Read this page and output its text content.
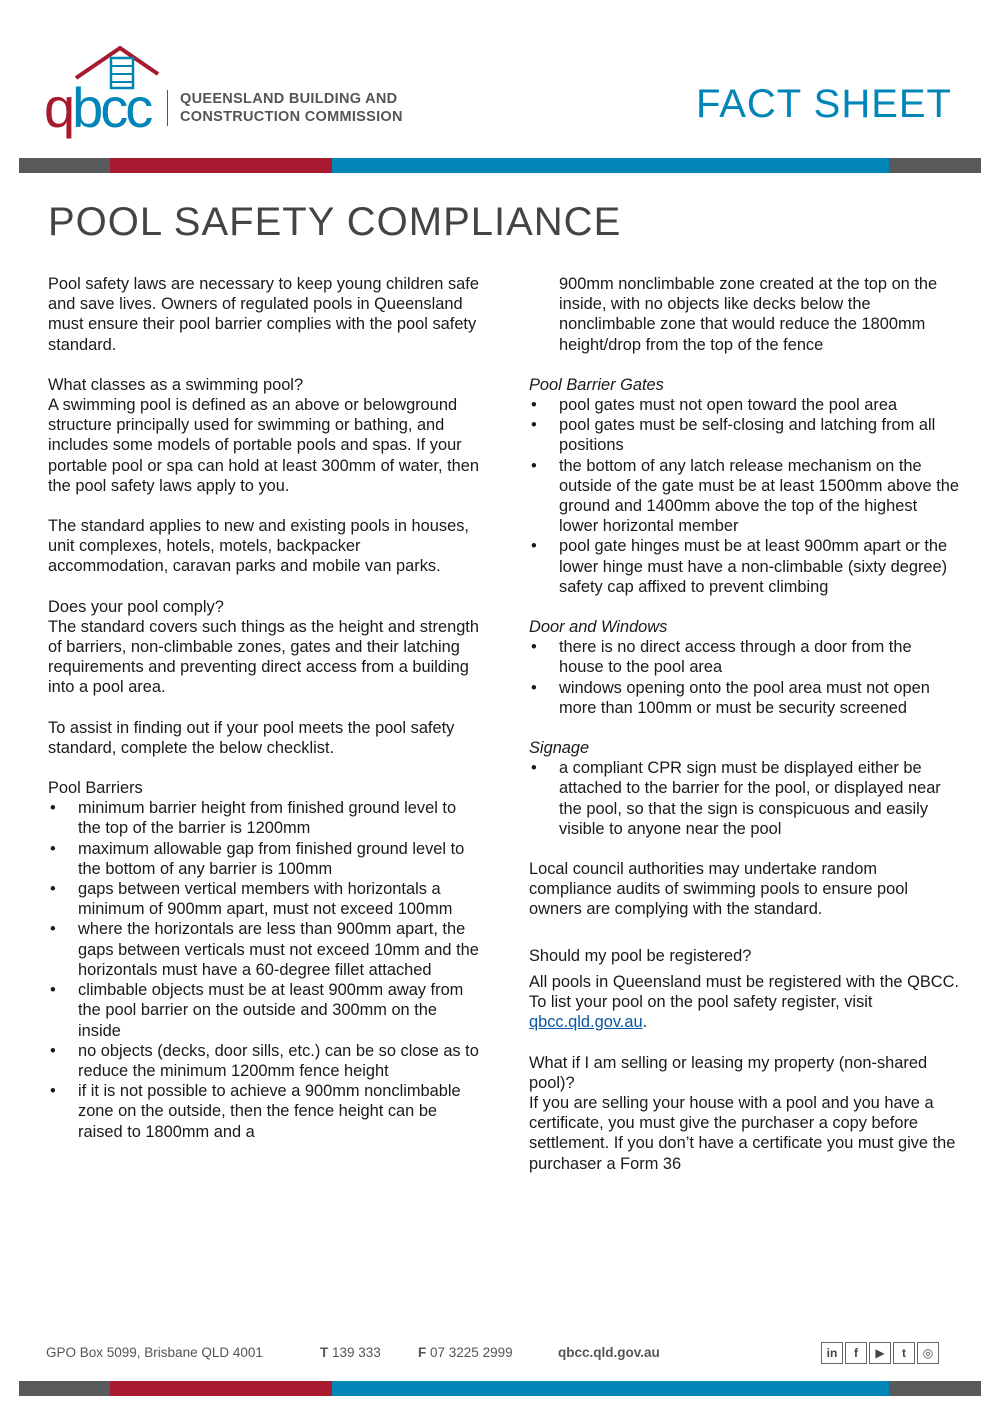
qbcc QUEENSLAND BUILDING AND
CONSTRUCTION COMMISSION	FACT SHEET
POOL SAFETY COMPLIANCE

Pool safety laws are necessary to keep young children safe and save lives. Owners of regulated pools in Queensland must ensure their pool barrier complies with the pool safety standard.

What classes as a swimming pool?

A swimming pool is defined as an above or belowground structure principally used for swimming or bathing, and includes some models of portable pools and spas. If your portable pool or spa can hold at least 300mm of water, then the pool safety laws apply to you.

The standard applies to new and existing pools in houses, unit complexes, hotels, motels, backpacker accommodation, caravan parks and mobile van parks.

Does your pool comply?

The standard covers such things as the height and strength of barriers, non-climbable zones, gates and their latching requirements and preventing direct access from a building into a pool area.

To assist in finding out if your pool meets the pool safety standard, complete the below checklist.

Pool Barriers

• minimum barrier height from finished ground level to the top of the barrier is 1200mm
• maximum allowable gap from finished ground level to the bottom of any barrier is 100mm
• gaps between vertical members with horizontals a minimum of 900mm apart, must not exceed 100mm
• where the horizontals are less than 900mm apart, the gaps between verticals must not exceed 10mm and the horizontals must have a 60-degree fillet attached
• climbable objects must be at least 900mm away from the pool barrier on the outside and 300mm on the inside
• no objects (decks, door sills, etc.) can be so close as to reduce the minimum 1200mm fence height
• if it is not possible to achieve a 900mm nonclimbable zone on the outside, then the fence height can be raised to 1800mm and a

900mm nonclimbable zone created at the top on the inside, with no objects like decks below the nonclimbable zone that would reduce the 1800mm height/drop from the top of the fence

Pool Barrier Gates

• pool gates must not open toward the pool area
• pool gates must be self-closing and latching from all positions
• the bottom of any latch release mechanism on the outside of the gate must be at least 1500mm above the ground and 1400mm above the top of the highest lower horizontal member
• pool gate hinges must be at least 900mm apart or the lower hinge must have a non-climbable (sixty degree) safety cap affixed to prevent climbing

Door and Windows

• there is no direct access through a door from the house to the pool area
• windows opening onto the pool area must not open more than 100mm or must be security screened

Signage

• a compliant CPR sign must be displayed either be attached to the barrier for the pool, or displayed near the pool, so that the sign is conspicuous and easily visible to anyone near the pool

Local council authorities may undertake random compliance audits of swimming pools to ensure pool owners are complying with the standard.

Should my pool be registered?

All pools in Queensland must be registered with the QBCC. To list your pool on the pool safety register, visit qbcc.qld.gov.au.

What if I am selling or leasing my property (non-shared pool)?

If you are selling your house with a pool and you have a certificate, you must give the purchaser a copy before settlement. If you don’t have a certificate you must give the purchaser a Form 36

GPO Box 5099, Brisbane QLD 4001	T 139 333	F 07 3225 2999	qbcc.qld.gov.au	in	f	▶	t	◎
